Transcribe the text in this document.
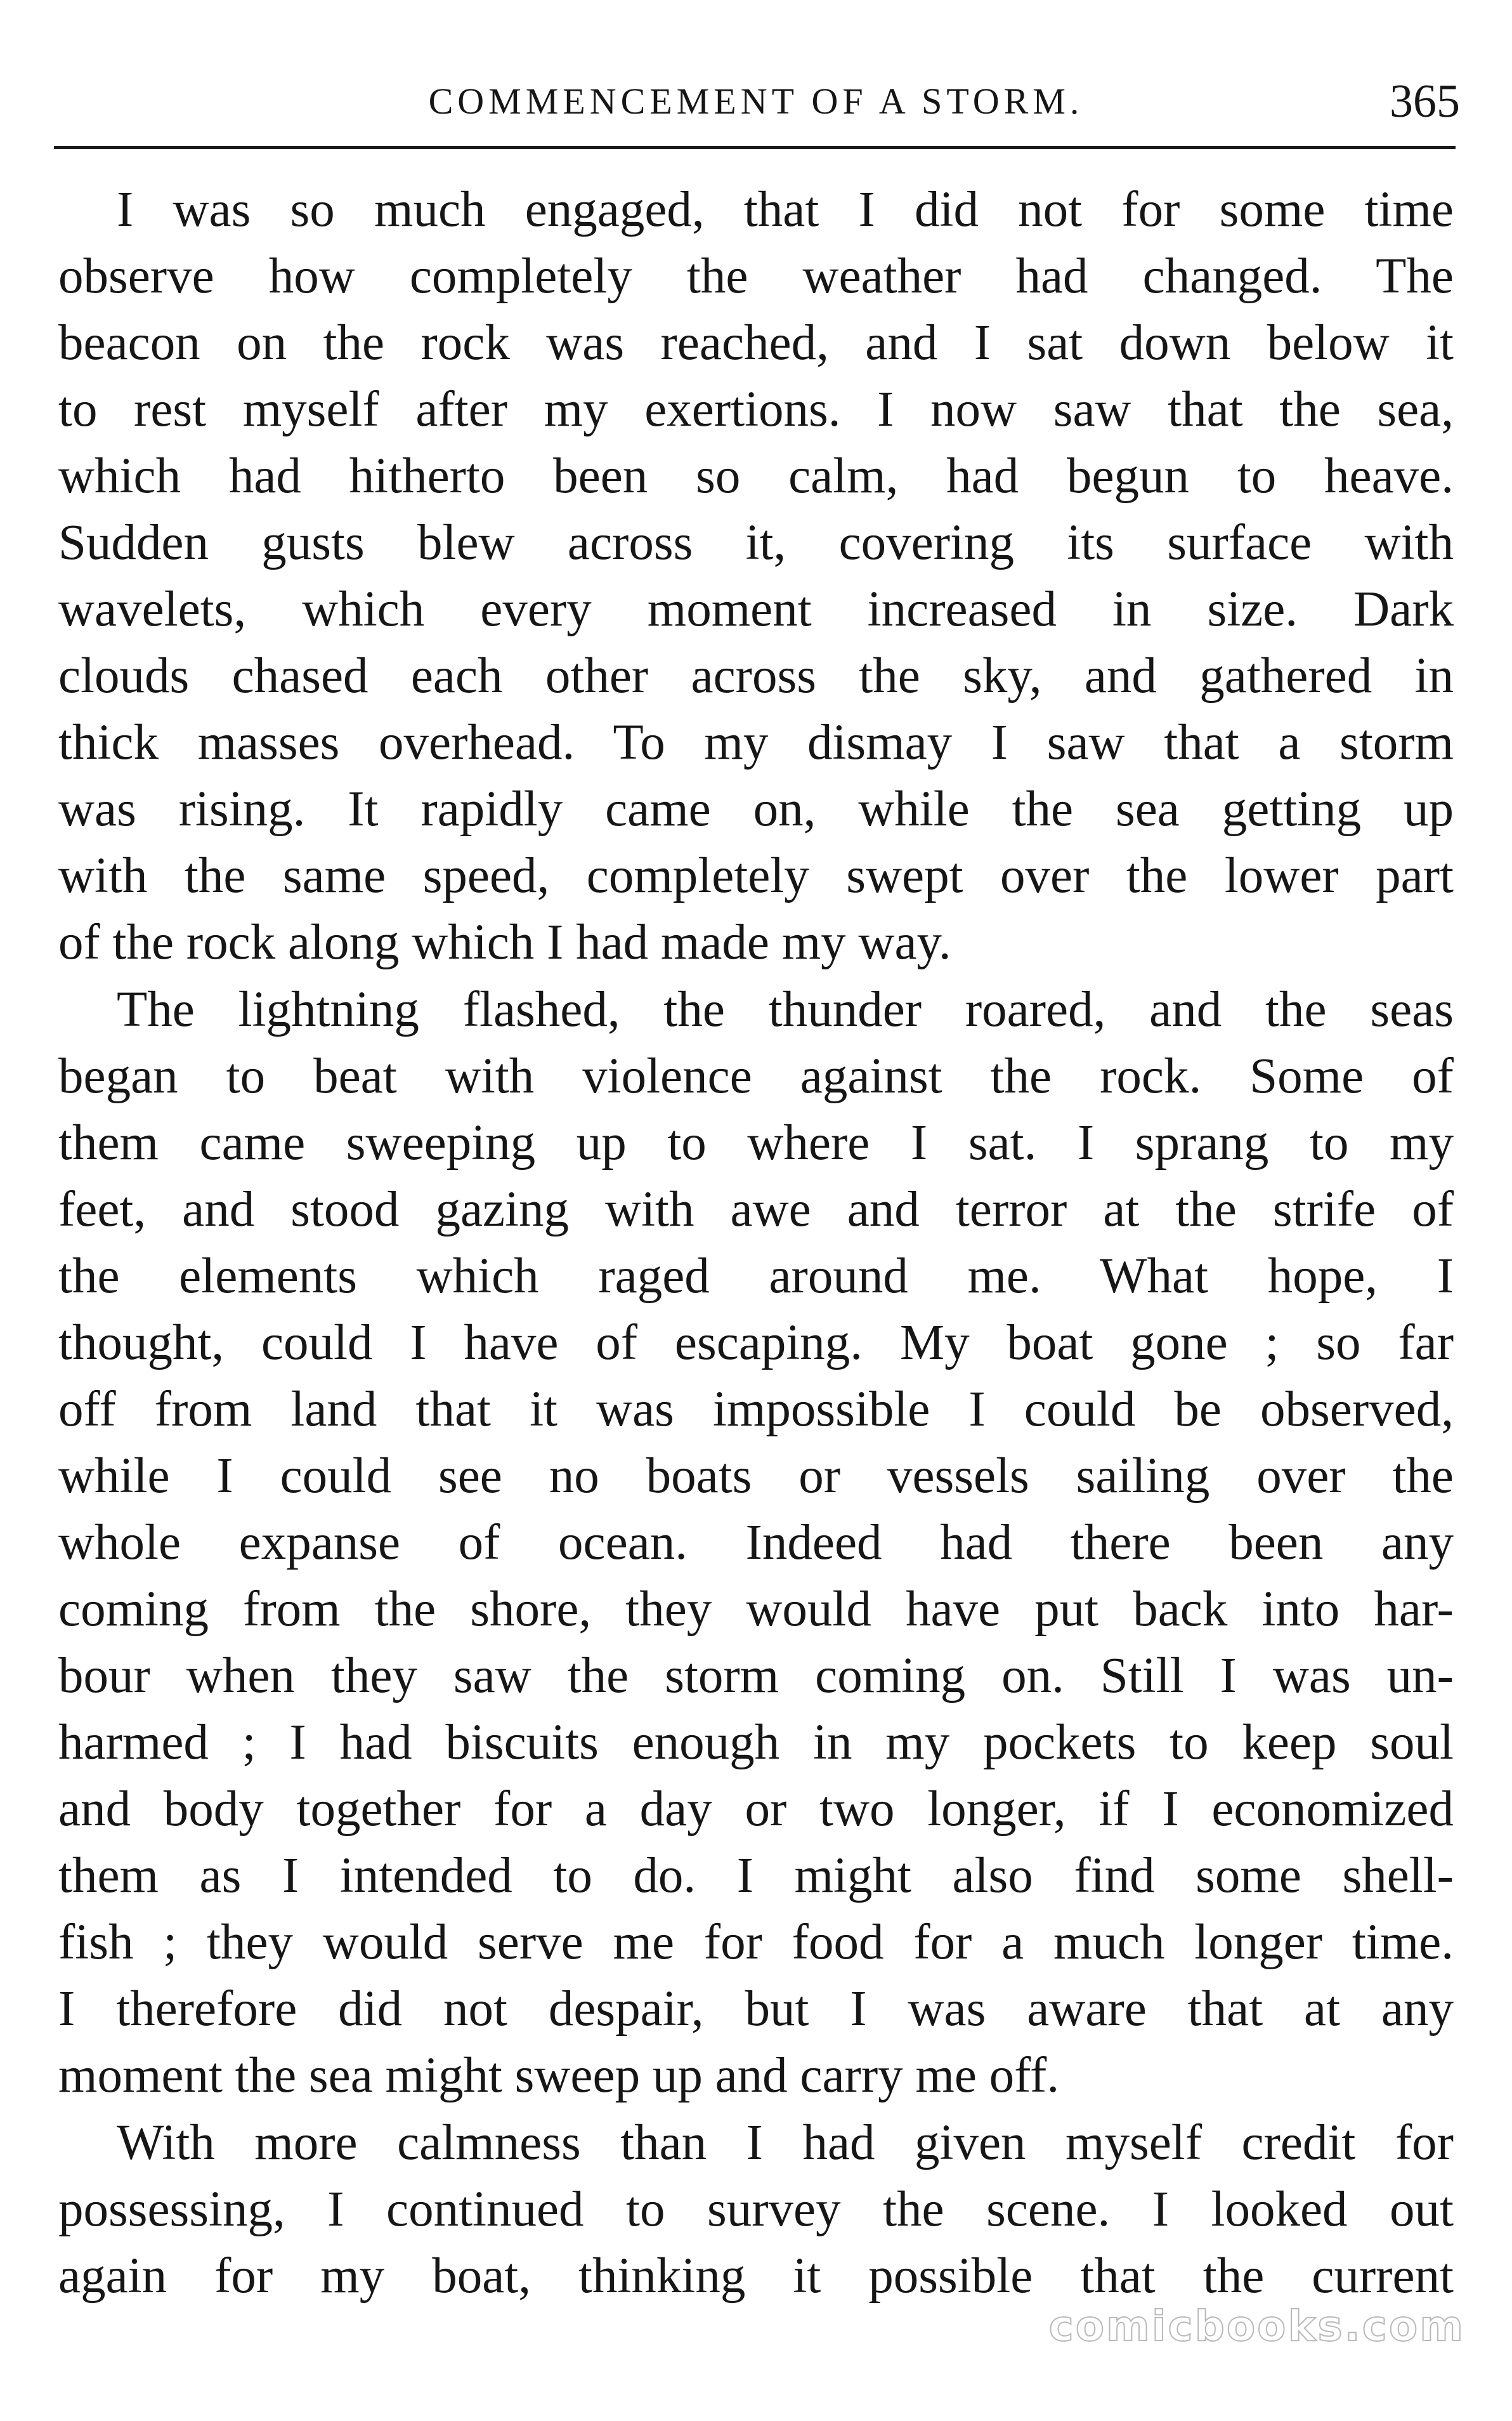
COMMENCEMENT OF A STORM.	365
I was so much engaged, that I did not for some time
observe how completely the weather had changed. The
beacon on the rock was reached, and I sat down below it
to rest myself after my exertions. I now saw that the sea,
which had hitherto been so calm, had begun to heave.
Sudden gusts blew across it, covering its surface with
wavelets, which every moment increased in size. Dark
clouds chased each other across the sky, and gathered in
thick masses overhead. To my dismay I saw that a storm
was rising. It rapidly came on, while the sea getting up
with the same speed, completely swept over the lower part
of the rock along which I had made my way.
The lightning flashed, the thunder roared, and the seas
began to beat with violence against the rock. Some of
them came sweeping up to where I sat. I sprang to my
feet, and stood gazing with awe and terror at the strife of
the elements which raged around me. What hope, I
thought, could I have of escaping. My boat gone ; so far
off from land that it was impossible I could be observed,
while I could see no boats or vessels sailing over the
whole expanse of ocean. Indeed had there been any
coming from the shore, they would have put back into har-
bour when they saw the storm coming on. Still I was un-
harmed ; I had biscuits enough in my pockets to keep soul
and body together for a day or two longer, if I economized
them as I intended to do. I might also find some shell-
fish ; they would serve me for food for a much longer time.
I therefore did not despair, but I was aware that at any
moment the sea might sweep up and carry me off.
With more calmness than I had given myself credit for
possessing, I continued to survey the scene. I looked out
again for my boat, thinking it possible that the current
comicbooks.com
